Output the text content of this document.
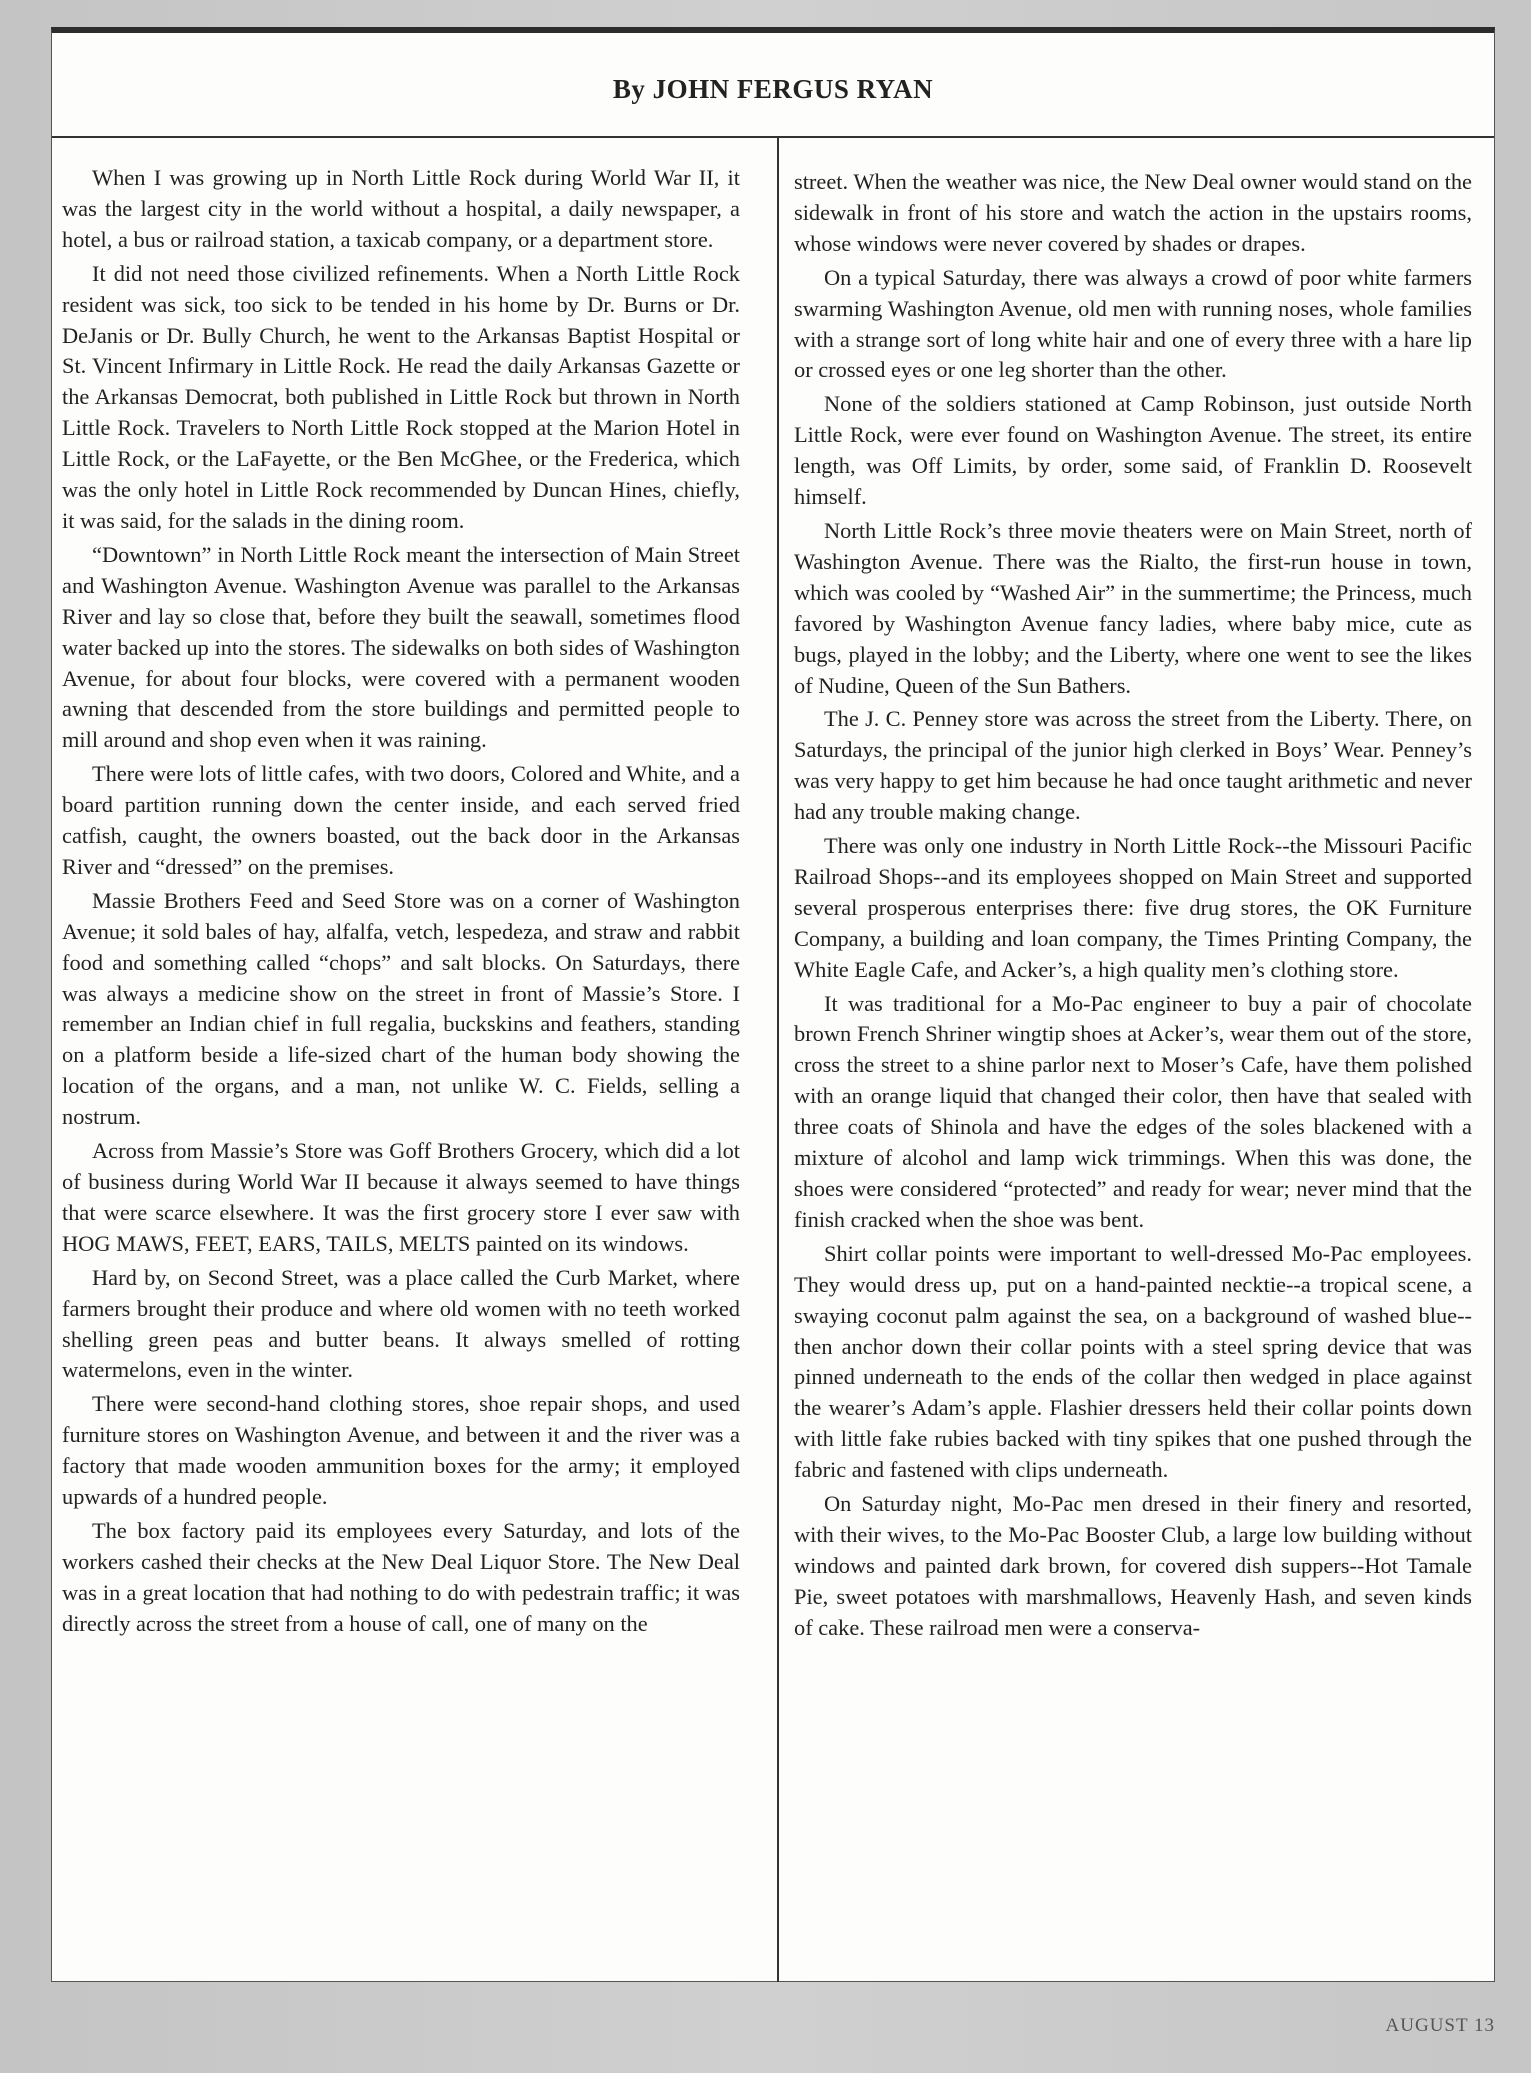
By JOHN FERGUS RYAN

When I was growing up in North Little Rock during World War II, it was the largest city in the world without a hospital, a daily newspaper, a hotel, a bus or railroad station, a taxicab company, or a department store.

It did not need those civilized refinements. When a North Little Rock resident was sick, too sick to be tended in his home by Dr. Burns or Dr. DeJanis or Dr. Bully Church, he went to the Arkansas Baptist Hospital or St. Vincent Infirmary in Little Rock. He read the daily Arkansas Gazette or the Arkansas Democrat, both published in Little Rock but thrown in North Little Rock. Travelers to North Little Rock stopped at the Marion Hotel in Little Rock, or the LaFayette, or the Ben McGhee, or the Frederica, which was the only hotel in Little Rock recommended by Duncan Hines, chiefly, it was said, for the salads in the dining room.

“Downtown” in North Little Rock meant the intersection of Main Street and Washington Avenue. Washington Avenue was parallel to the Arkansas River and lay so close that, before they built the seawall, sometimes flood water backed up into the stores. The sidewalks on both sides of Washington Avenue, for about four blocks, were covered with a permanent wooden awning that descended from the store buildings and permitted people to mill around and shop even when it was raining.

There were lots of little cafes, with two doors, Colored and White, and a board partition running down the center inside, and each served fried catfish, caught, the owners boasted, out the back door in the Arkansas River and “dressed” on the premises.

Massie Brothers Feed and Seed Store was on a corner of Washington Avenue; it sold bales of hay, alfalfa, vetch, lespedeza, and straw and rabbit food and something called “chops” and salt blocks. On Saturdays, there was always a medicine show on the street in front of Massie’s Store. I remember an Indian chief in full regalia, buckskins and feathers, standing on a platform beside a life-sized chart of the human body showing the location of the organs, and a man, not unlike W. C. Fields, selling a nostrum.

Across from Massie’s Store was Goff Brothers Grocery, which did a lot of business during World War II because it always seemed to have things that were scarce elsewhere. It was the first grocery store I ever saw with HOG MAWS, FEET, EARS, TAILS, MELTS painted on its windows.

Hard by, on Second Street, was a place called the Curb Market, where farmers brought their produce and where old women with no teeth worked shelling green peas and butter beans. It always smelled of rotting watermelons, even in the winter.

There were second-hand clothing stores, shoe repair shops, and used furniture stores on Washington Avenue, and between it and the river was a factory that made wooden ammunition boxes for the army; it employed upwards of a hundred people.

The box factory paid its employees every Saturday, and lots of the workers cashed their checks at the New Deal Liquor Store. The New Deal was in a great location that had nothing to do with pedestrain traffic; it was directly across the street from a house of call, one of many on the

street. When the weather was nice, the New Deal owner would stand on the sidewalk in front of his store and watch the action in the upstairs rooms, whose windows were never covered by shades or drapes.

On a typical Saturday, there was always a crowd of poor white farmers swarming Washington Avenue, old men with running noses, whole families with a strange sort of long white hair and one of every three with a hare lip or crossed eyes or one leg shorter than the other.

None of the soldiers stationed at Camp Robinson, just outside North Little Rock, were ever found on Washington Avenue. The street, its entire length, was Off Limits, by order, some said, of Franklin D. Roosevelt himself.

North Little Rock’s three movie theaters were on Main Street, north of Washington Avenue. There was the Rialto, the first-run house in town, which was cooled by “Washed Air” in the summertime; the Princess, much favored by Washington Avenue fancy ladies, where baby mice, cute as bugs, played in the lobby; and the Liberty, where one went to see the likes of Nudine, Queen of the Sun Bathers.

The J. C. Penney store was across the street from the Liberty. There, on Saturdays, the principal of the junior high clerked in Boys’ Wear. Penney’s was very happy to get him because he had once taught arithmetic and never had any trouble making change.

There was only one industry in North Little Rock--the Missouri Pacific Railroad Shops--and its employees shopped on Main Street and supported several prosperous enterprises there: five drug stores, the OK Furniture Company, a building and loan company, the Times Printing Company, the White Eagle Cafe, and Acker’s, a high quality men’s clothing store.

It was traditional for a Mo-Pac engineer to buy a pair of chocolate brown French Shriner wingtip shoes at Acker’s, wear them out of the store, cross the street to a shine parlor next to Moser’s Cafe, have them polished with an orange liquid that changed their color, then have that sealed with three coats of Shinola and have the edges of the soles blackened with a mixture of alcohol and lamp wick trimmings. When this was done, the shoes were considered “protected” and ready for wear; never mind that the finish cracked when the shoe was bent.

Shirt collar points were important to well-dressed Mo-Pac employees. They would dress up, put on a hand-painted necktie--a tropical scene, a swaying coconut palm against the sea, on a background of washed blue--then anchor down their collar points with a steel spring device that was pinned underneath to the ends of the collar then wedged in place against the wearer’s Adam’s apple. Flashier dressers held their collar points down with little fake rubies backed with tiny spikes that one pushed through the fabric and fastened with clips underneath.

On Saturday night, Mo-Pac men dresed in their finery and resorted, with their wives, to the Mo-Pac Booster Club, a large low building without windows and painted dark brown, for covered dish suppers--Hot Tamale Pie, sweet potatoes with marshmallows, Heavenly Hash, and seven kinds of cake. These railroad men were a conserva-

AUGUST 13
